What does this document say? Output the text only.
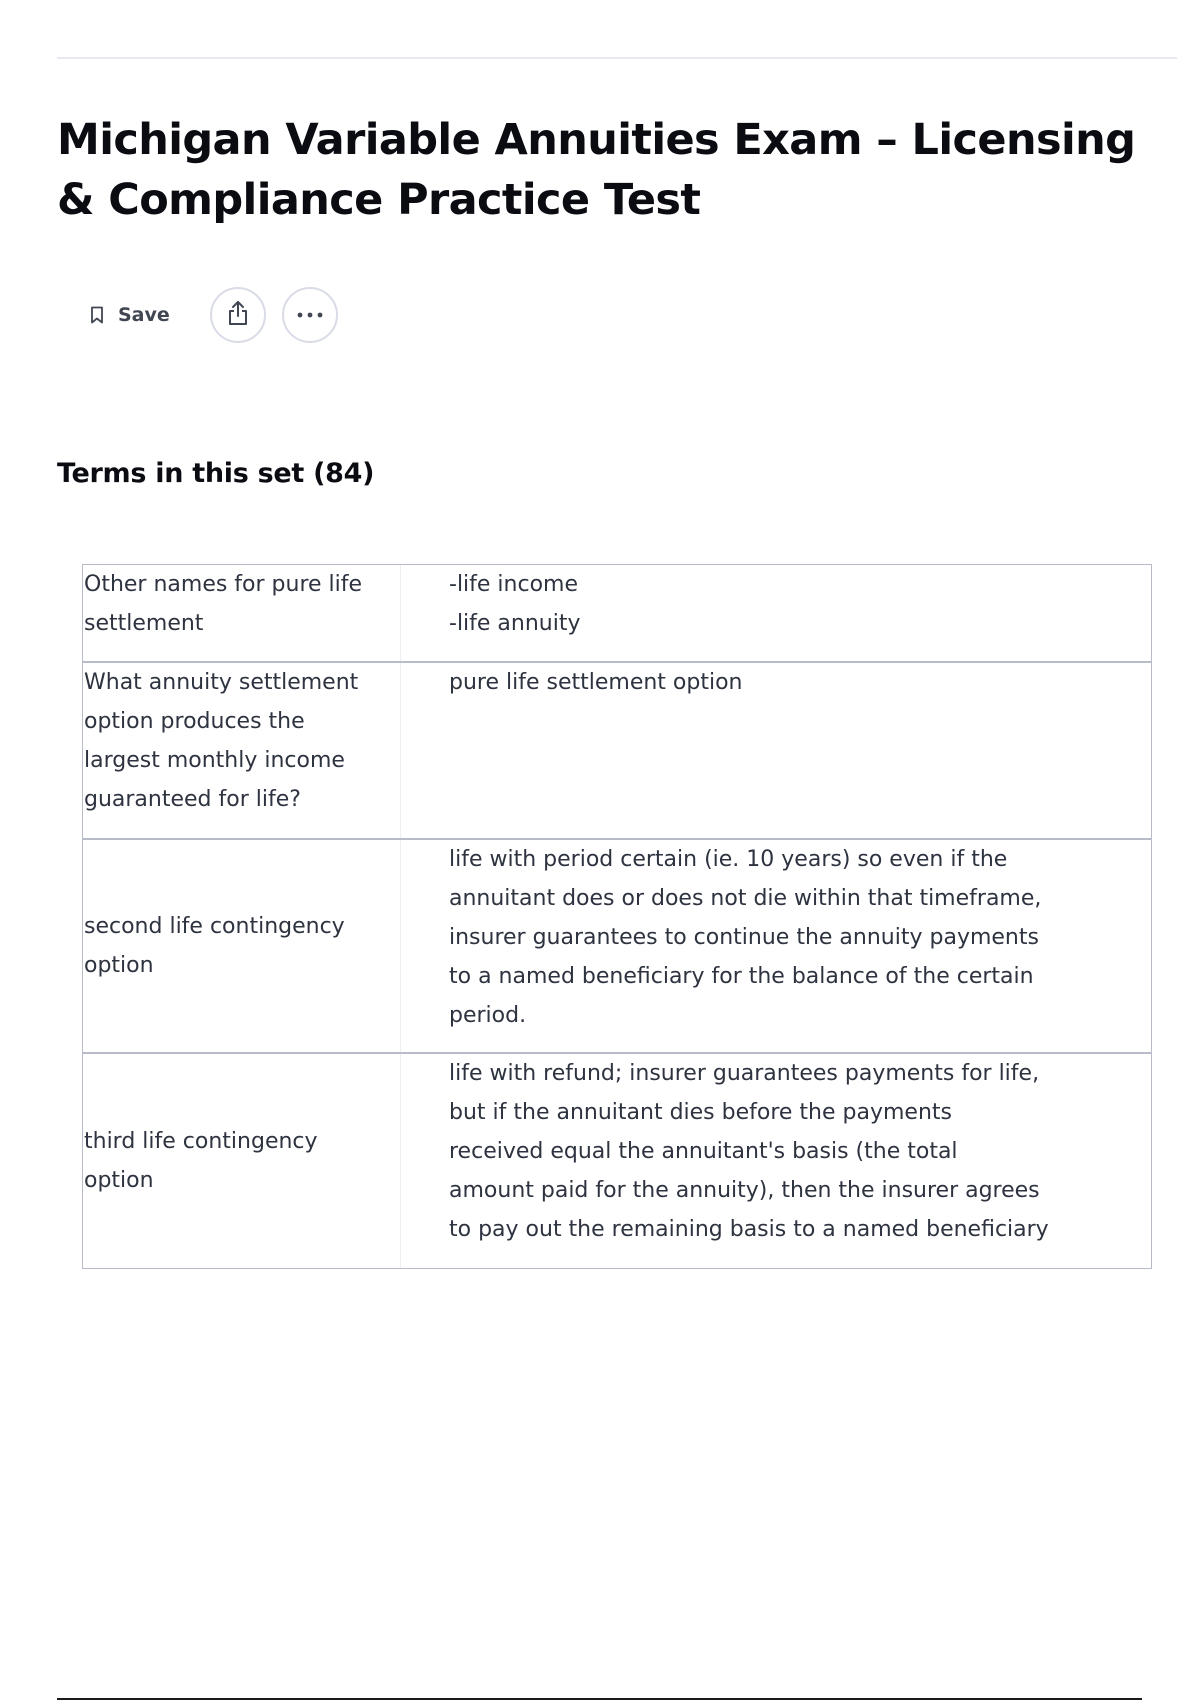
Michigan Variable Annuities Exam – Licensing & Compliance Practice Test
Save
Terms in this set (84)
Other names for pure life settlement
-life income
-life annuity
What annuity settlement option produces the largest monthly income guaranteed for life?
pure life settlement option
second life contingency option
life with period certain (ie. 10 years) so even if the annuitant does or does not die within that timeframe, insurer guarantees to continue the annuity payments to a named beneficiary for the balance of the certain period.
third life contingency option
life with refund; insurer guarantees payments for life, but if the annuitant dies before the payments received equal the annuitant's basis (the total amount paid for the annuity), then the insurer agrees to pay out the remaining basis to a named beneficiary
